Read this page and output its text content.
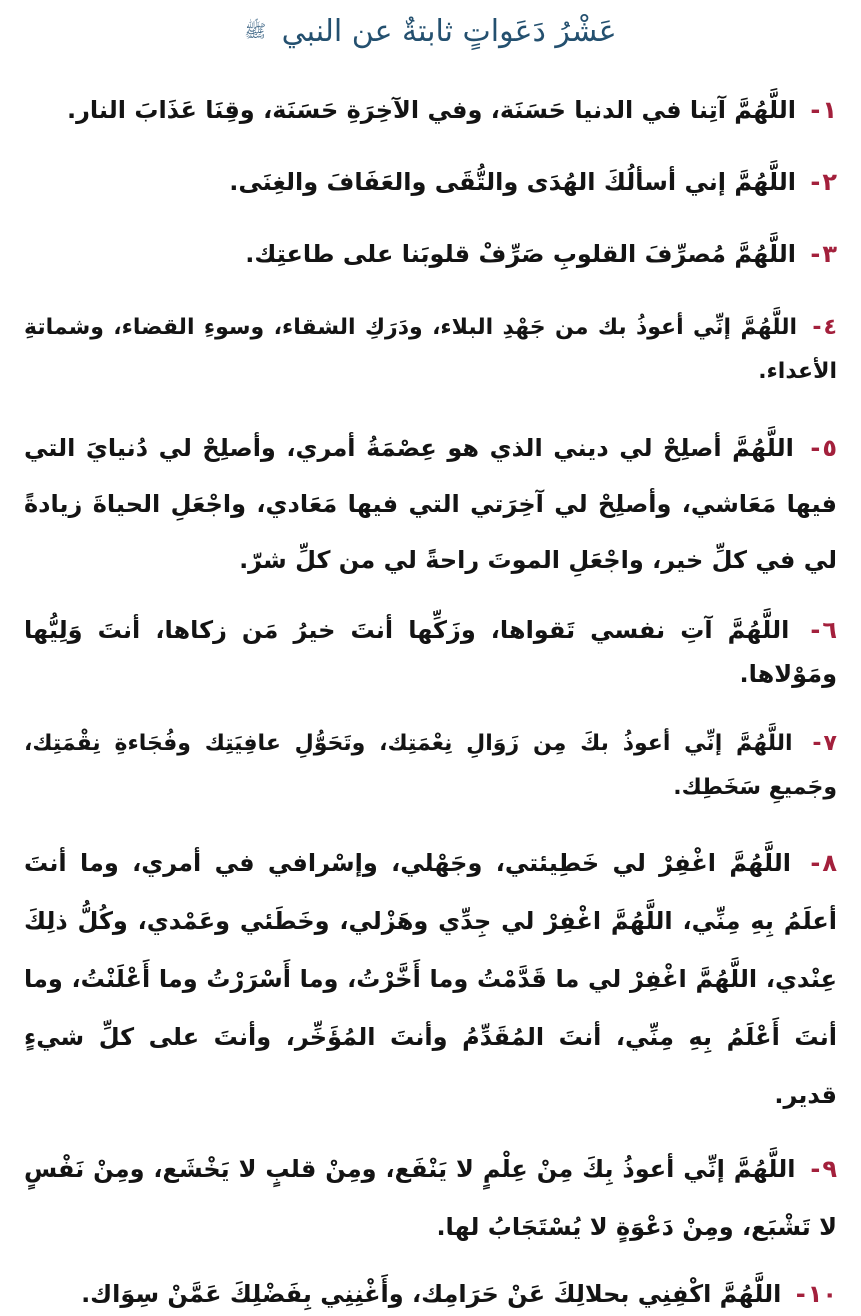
عَشْرُ دَعَواتٍ ثابتةٌ عن النبي ﷺ
١- اللَّهُمَّ آتِنا في الدنيا حَسَنَة، وفي الآخِرَةِ حَسَنَة، وقِنَا عَذَابَ النار.
٢- اللَّهُمَّ إني أسألُكَ الهُدَى والتُّقَى والعَفَافَ والغِنَى.
٣- اللَّهُمَّ مُصرِّفَ القلوبِ صَرِّفْ قلوبَنا على طاعتِك.
٤- اللَّهُمَّ إنِّي أعوذُ بك من جَهْدِ البلاء، ودَرَكِ الشقاء، وسوءِ القضاء، وشماتةِ الأعداء.
٥- اللَّهُمَّ أصلِحْ لي ديني الذي هو عِصْمَةُ أمري، وأصلِحْ لي دُنيايَ التي فيها مَعَاشي، وأصلِحْ لي آخِرَتي التي فيها مَعَادي، واجْعَلِ الحياةَ زيادةً لي في كلِّ خير، واجْعَلِ الموتَ راحةً لي من كلِّ شرّ.
٦- اللَّهُمَّ آتِ نفسي تَقواها، وزَكِّها أنتَ خيرُ مَن زكاها، أنتَ وَلِيُّها ومَوْلاها.
٧- اللَّهُمَّ إنِّي أعوذُ بكَ مِن زَوَالِ نِعْمَتِك، وتَحَوُّلِ عافِيَتِك وفُجَاءةِ نِقْمَتِك، وجَميعِ سَخَطِك.
٨- اللَّهُمَّ اغْفِرْ لي خَطِيئتي، وجَهْلي، وإسْرافي في أمري، وما أنتَ أعلَمُ بِهِ مِنِّي، اللَّهُمَّ اغْفِرْ لي جِدِّي وهَزْلي، وخَطَئي وعَمْدي، وكُلُّ ذلِكَ عِنْدي، اللَّهُمَّ اغْفِرْ لي ما قَدَّمْتُ وما أَخَّرْتُ، وما أَسْرَرْتُ وما أَعْلَنْتُ، وما أنتَ أَعْلَمُ بِهِ مِنِّي، أنتَ المُقَدِّمُ وأنتَ المُؤَخِّر، وأنتَ على كلِّ شيءٍ قدير.
٩- اللَّهُمَّ إنِّي أعوذُ بِكَ مِنْ عِلْمٍ لا يَنْفَع، ومِنْ قلبٍ لا يَخْشَع، ومِنْ نَفْسٍ لا تَشْبَع، ومِنْ دَعْوَةٍ لا يُسْتَجَابُ لها.
١٠- اللَّهُمَّ اكْفِنِي بحلالِكَ عَنْ حَرَامِك، وأَغْنِنِي بِفَضْلِكَ عَمَّنْ سِوَاك.
